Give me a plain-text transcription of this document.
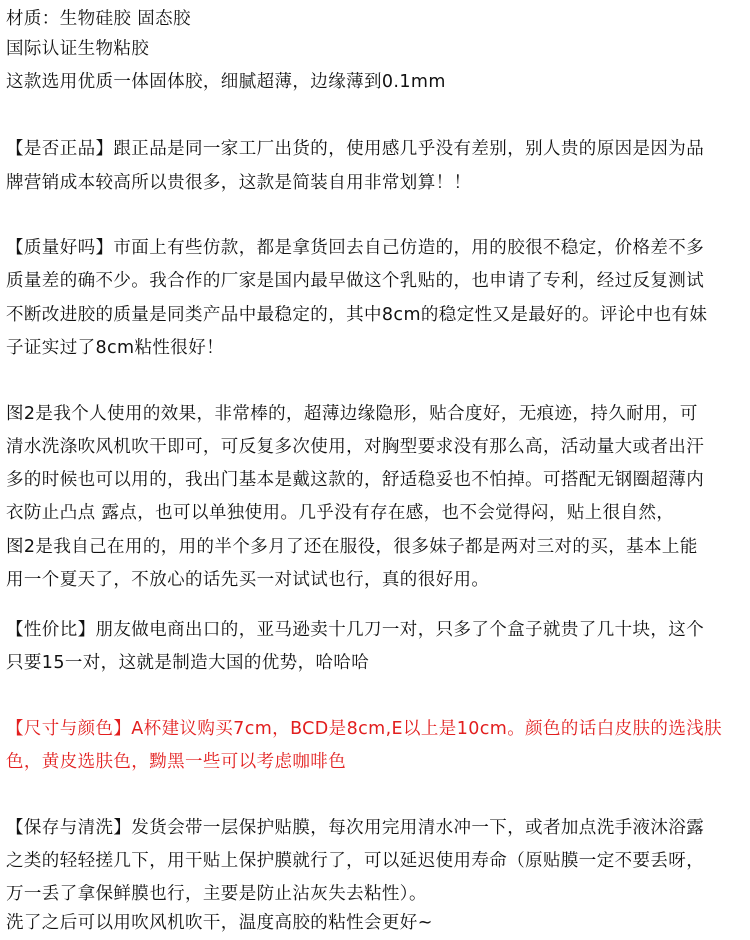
材质：生物硅胶 固态胶
国际认证生物粘胶
这款选用优质一体固体胶，细腻超薄，边缘薄到0.1mm
【是否正品】跟正品是同一家工厂出货的，使用感几乎没有差别，别人贵的原因是因为品
牌营销成本较高所以贵很多，这款是简装自用非常划算！！
【质量好吗】市面上有些仿款，都是拿货回去自己仿造的，用的胶很不稳定，价格差不多
质量差的确不少。我合作的厂家是国内最早做这个乳贴的，也申请了专利，经过反复测试
不断改进胶的质量是同类产品中最稳定的，其中8cm的稳定性又是最好的。评论中也有妹
子证实过了8cm粘性很好！
图2是我个人使用的效果，非常棒的，超薄边缘隐形，贴合度好，无痕迹，持久耐用，可
清水洗涤吹风机吹干即可，可反复多次使用，对胸型要求没有那么高，活动量大或者出汗
多的时候也可以用的，我出门基本是戴这款的，舒适稳妥也不怕掉。可搭配无钢圈超薄内
衣防止凸点 露点，也可以单独使用。几乎没有存在感，也不会觉得闷，贴上很自然，
图2是我自己在用的，用的半个多月了还在服役，很多妹子都是两对三对的买，基本上能
用一个夏天了，不放心的话先买一对试试也行，真的很好用。
【性价比】朋友做电商出口的，亚马逊卖十几刀一对，只多了个盒子就贵了几十块，这个
只要15一对，这就是制造大国的优势，哈哈哈
【尺寸与颜色】A杯建议购买7cm，BCD是8cm,E以上是10cm。颜色的话白皮肤的选浅肤
色，黄皮选肤色，黝黑一些可以考虑咖啡色
【保存与清洗】发货会带一层保护贴膜，每次用完用清水冲一下，或者加点洗手液沐浴露
之类的轻轻搓几下，用干贴上保护膜就行了，可以延迟使用寿命（原贴膜一定不要丢呀，
万一丢了拿保鲜膜也行，主要是防止沾灰失去粘性）。
洗了之后可以用吹风机吹干，温度高胶的粘性会更好~
